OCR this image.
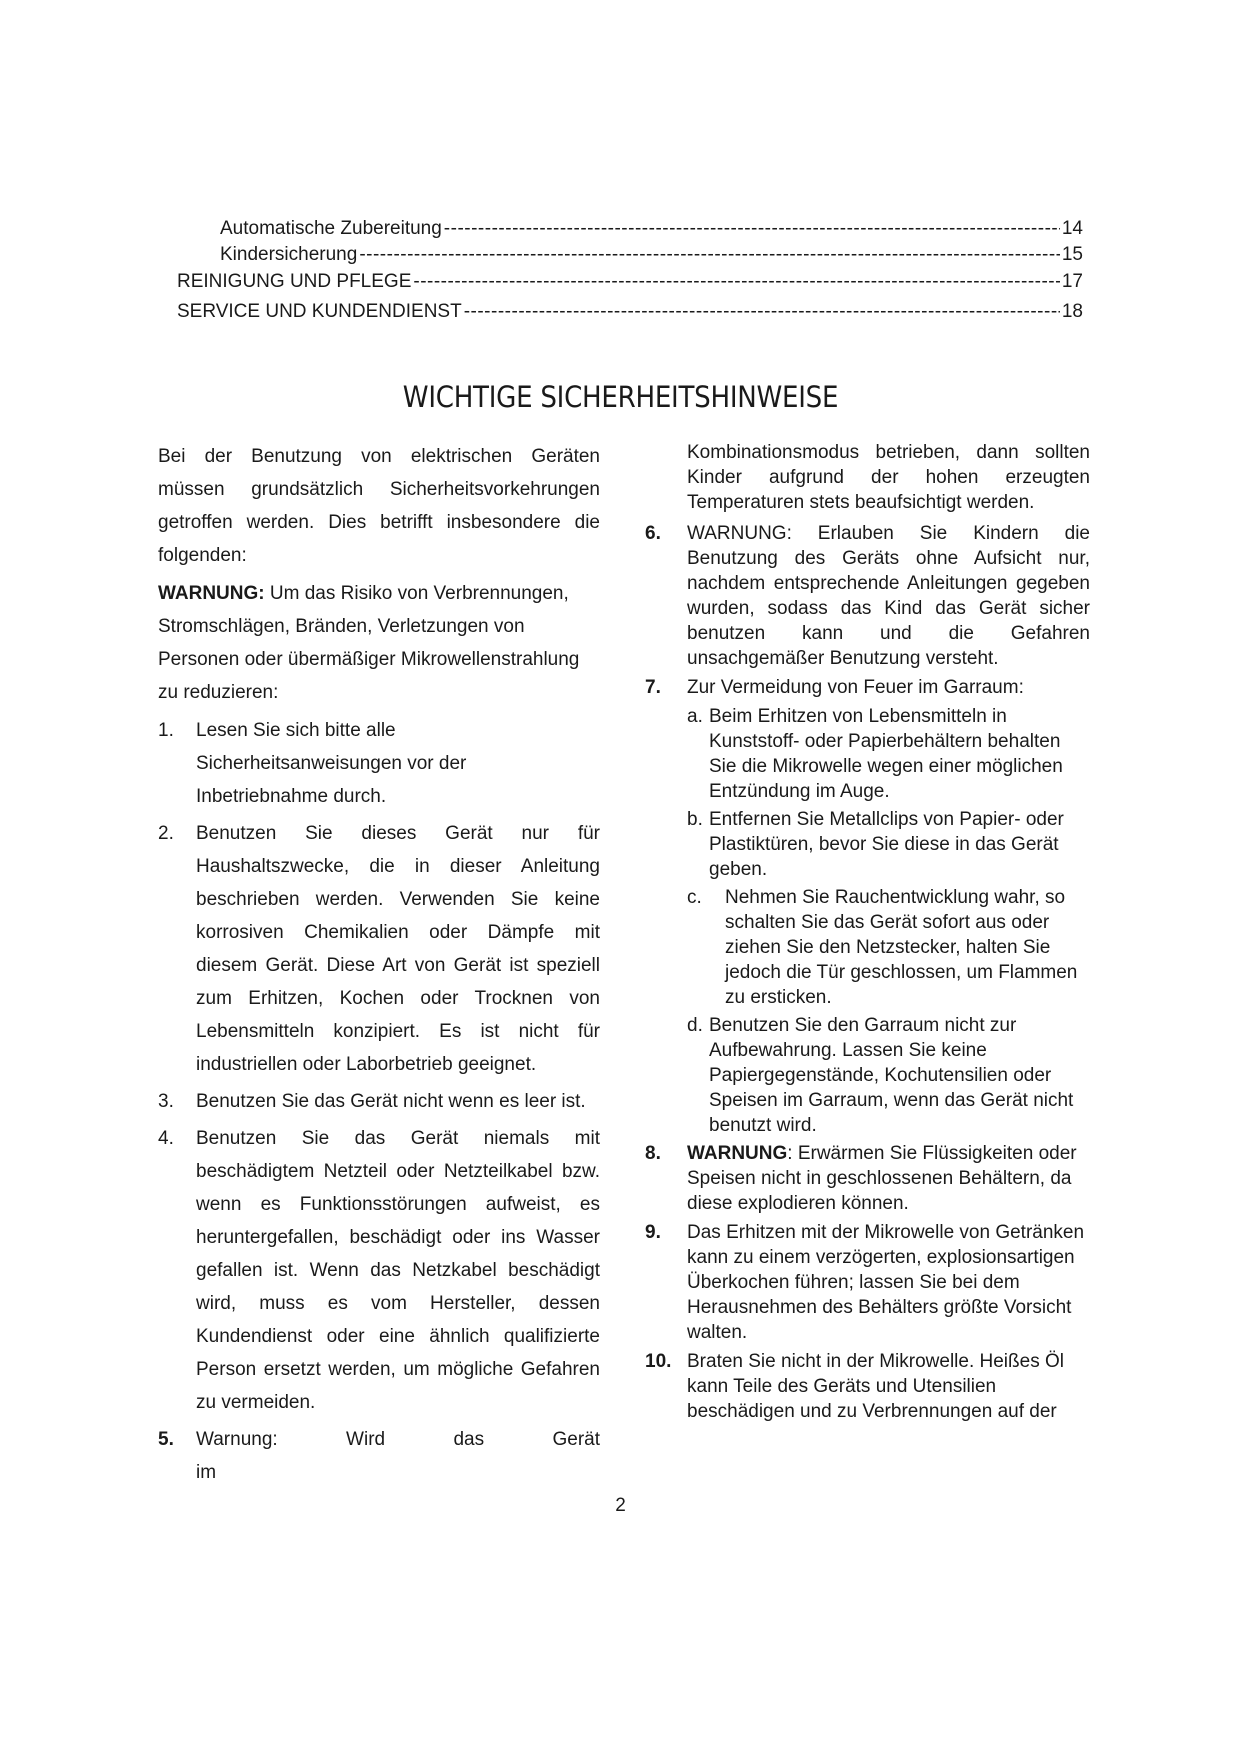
Automatische Zubereitung -----	14
Kindersicherung -----	15
REINIGUNG UND PFLEGE -----	17
SERVICE UND KUNDENDIENST -----	18
WICHTIGE SICHERHEITSHINWEISE

Bei der Benutzung von elektrischen Geräten müssen grundsätzlich Sicherheitsvorkehrungen getroffen werden. Dies betrifft insbesondere die folgenden:

WARNUNG: Um das Risiko von Verbrennungen, Stromschlägen, Bränden, Verletzungen von Personen oder übermäßiger Mikrowellenstrahlung zu reduzieren:

1.	Lesen Sie sich bitte alle Sicherheitsanweisungen vor der Inbetriebnahme durch.
2.	Benutzen Sie dieses Gerät nur für Haushaltszwecke, die in dieser Anleitung beschrieben werden. Verwenden Sie keine korrosiven Chemikalien oder Dämpfe mit diesem Gerät. Diese Art von Gerät ist speziell zum Erhitzen, Kochen oder Trocknen von Lebensmitteln konzipiert. Es ist nicht für industriellen oder Laborbetrieb geeignet.
3.	Benutzen Sie das Gerät nicht wenn es leer ist.
4.	Benutzen Sie das Gerät niemals mit beschädigtem Netzteil oder Netzteilkabel bzw. wenn es Funktionsstörungen aufweist, es heruntergefallen, beschädigt oder ins Wasser gefallen ist. Wenn das Netzkabel beschädigt wird, muss es vom Hersteller, dessen Kundendienst oder eine ähnlich qualifizierte Person ersetzt werden, um mögliche Gefahren zu vermeiden.
5.	Warnung: Wird das Gerät im

Kombinationsmodus betrieben, dann sollten Kinder aufgrund der hohen erzeugten Temperaturen stets beaufsichtigt werden.

6.	WARNUNG: Erlauben Sie Kindern die Benutzung des Geräts ohne Aufsicht nur, nachdem entsprechende Anleitungen gegeben wurden, sodass das Kind das Gerät sicher benutzen kann und die Gefahren unsachgemäßer Benutzung versteht.
7.	Zur Vermeidung von Feuer im Garraum:
a. Beim Erhitzen von Lebensmitteln in Kunststoff- oder Papierbehältern behalten Sie die Mikrowelle wegen einer möglichen Entzündung im Auge.
b. Entfernen Sie Metallclips von Papier- oder Plastiktüren, bevor Sie diese in das Gerät geben.
c.	Nehmen Sie Rauchentwicklung wahr, so schalten Sie das Gerät sofort aus oder ziehen Sie den Netzstecker, halten Sie jedoch die Tür geschlossen, um Flammen zu ersticken.
d. Benutzen Sie den Garraum nicht zur Aufbewahrung. Lassen Sie keine Papiergegenstände, Kochutensilien oder Speisen im Garraum, wenn das Gerät nicht benutzt wird.
8.	WARNUNG: Erwärmen Sie Flüssigkeiten oder Speisen nicht in geschlossenen Behältern, da diese explodieren können.
9.	Das Erhitzen mit der Mikrowelle von Getränken kann zu einem verzögerten, explosionsartigen Überkochen führen; lassen Sie bei dem Herausnehmen des Behälters größte Vorsicht walten.
10. Braten Sie nicht in der Mikrowelle. Heißes Öl kann Teile des Geräts und Utensilien beschädigen und zu Verbrennungen auf der
2
